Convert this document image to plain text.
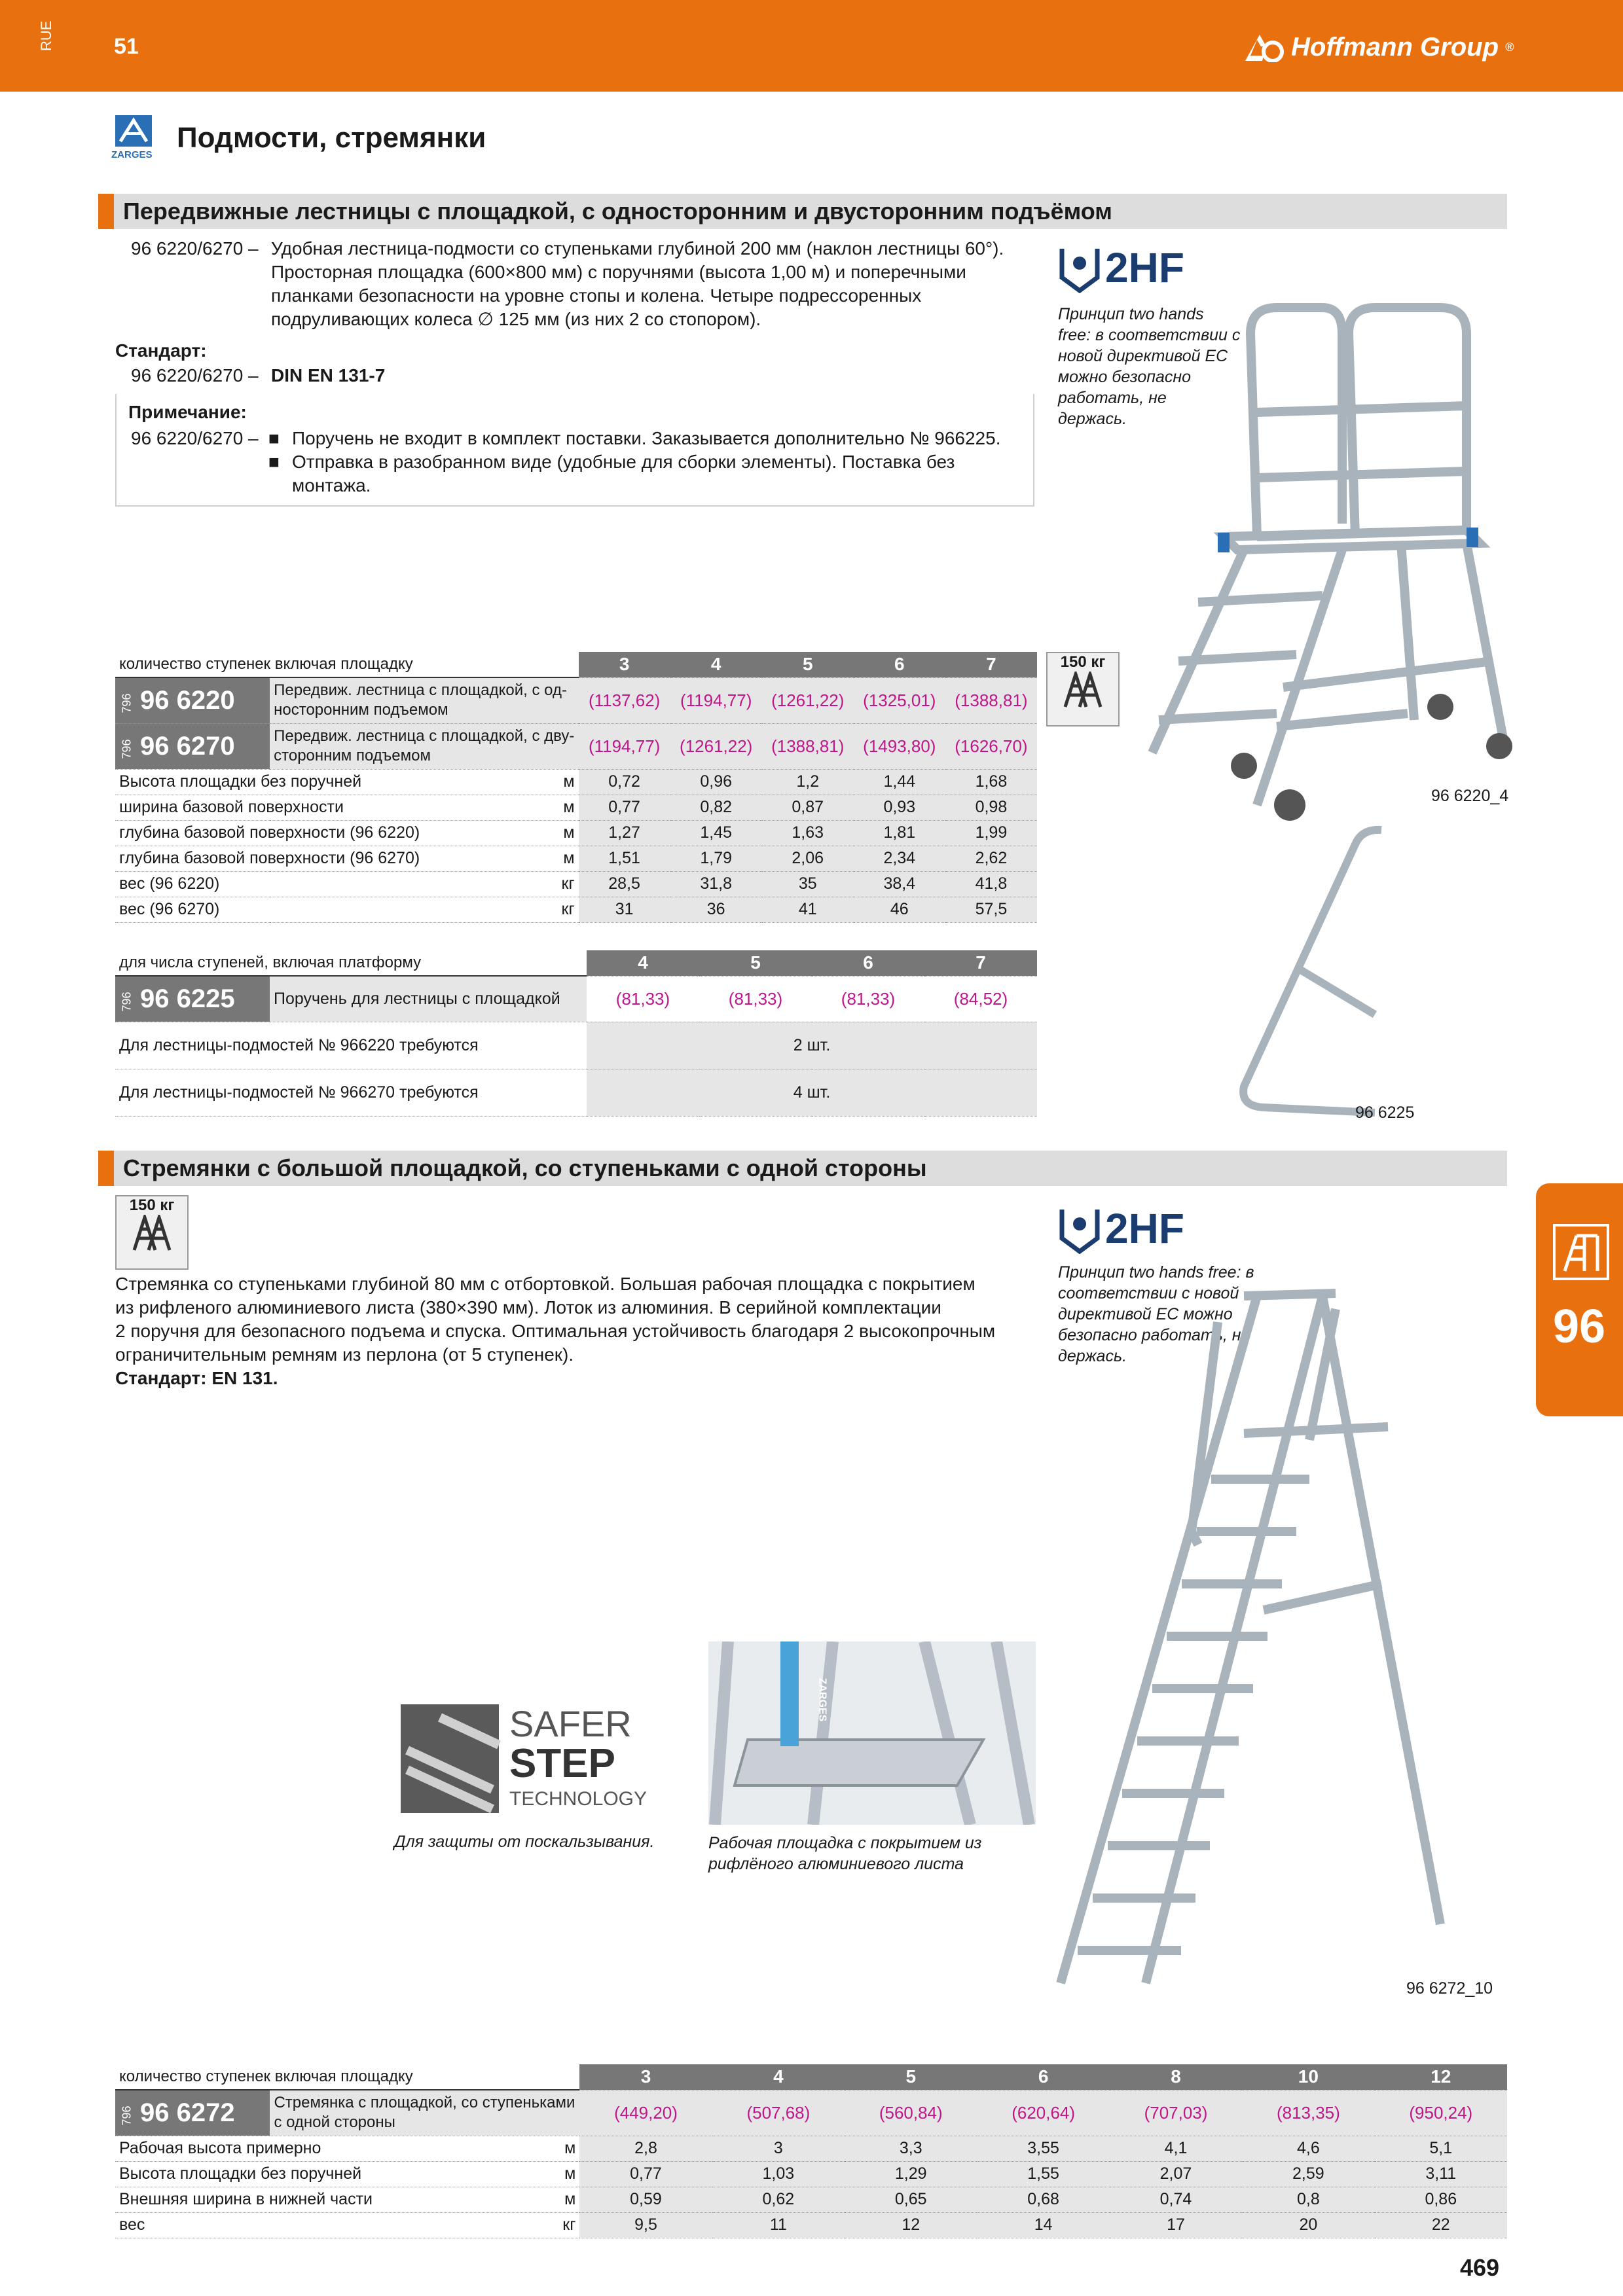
RUE	51	Hoffmann Group ®
ZARGES
Подмости, стремянки
Передвижные лестницы с площадкой, с односторонним и двусторонним подъёмом
96 6220/6270 – Удобная лестница-подмости со ступеньками глубиной 200 мм (наклон лестницы 60°).
Просторная площадка (600×800 мм) с поручнями (высота 1,00 м) и поперечными
планками безопасности на уровне стопы и колена. Четыре подрессоренных
подруливающих колеса ∅ 125 мм (из них 2 со стопором).
Стандарт:
96 6220/6270 – DIN EN 131-7
Примечание:
96 6220/6270 – ■ Поручень не входит в комплект поставки. Заказывается дополнительно № 966225.
■ Отправка в разобранном виде (удобные для сборки элементы). Поставка без
монтажа.
2HF
Принцип two hands
free: в соответствии с
новой директивой ЕС
можно безопасно
работать, не
держась.
96 6220_4
150 кг
количество ступенек включая площадку		3	4	5	6	7
796 96 6220	Передвиж. лестница с площадкой, с од-
носторонним подъемом	(1137,62)	(1194,77)	(1261,22)	(1325,01)	(1388,81)
796 96 6270	Передвиж. лестница с площадкой, с дву-
сторонним подъемом	(1194,77)	(1261,22)	(1388,81)	(1493,80)	(1626,70)
Высота площадки без поручней м		0,72	0,96	1,2	1,44	1,68
ширина базовой поверхности м		0,77	0,82	0,87	0,93	0,98
глубина базовой поверхности (96 6220) м		1,27	1,45	1,63	1,81	1,99
глубина базовой поверхности (96 6270) м		1,51	1,79	2,06	2,34	2,62
вес (96 6220) кг		28,5	31,8	35	38,4	41,8
вес (96 6270) кг		31	36	41	46	57,5
для числа ступеней, включая платформу		4	5	6	7
796 96 6225	Поручень для лестницы с площадкой	(81,33)	(81,33)	(81,33)	(84,52)
Для лестницы-подмостей № 966220 требуются		2 шт.			
Для лестницы-подмостей № 966270 требуются		4 шт.			
96 6225
Стремянки с большой площадкой, со ступеньками с одной стороны
150 кг
Стремянка со ступеньками глубиной 80 мм с отбортовкой. Большая рабочая площадка с покрытием
из рифленого алюминиевого листа (380×390 мм). Лоток из алюминия. В серийной комплектации
2 поручня для безопасного подъема и спуска. Оптимальная устойчивость благодаря 2 высокопрочным
ограничительным ремням из перлона (от 5 ступенек).
Стандарт: EN 131.
2HF
Принцип two hands free: в
соответствии с новой
директивой ЕС можно
безопасно работать, не
держась.
96
SAFER
STEP
TECHNOLOGY
Для защиты от поскальзывания.
ZARGES
Рабочая площадка с покрытием из
рифлёного алюминиевого листа
96 6272_10
количество ступенек включая площадку		3	4	5	6	8	10	12
796 96 6272	Стремянка с площадкой, со ступеньками
с одной стороны	(449,20)	(507,68)	(560,84)	(620,64)	(707,03)	(813,35)	(950,24)
Рабочая высота примерно м		2,8	3	3,3	3,55	4,1	4,6	5,1
Высота площадки без поручней м		0,77	1,03	1,29	1,55	2,07	2,59	3,11
Внешняя ширина в нижней части м		0,59	0,62	0,65	0,68	0,74	0,8	0,86
вес кг		9,5	11	12	14	17	20	22
469
